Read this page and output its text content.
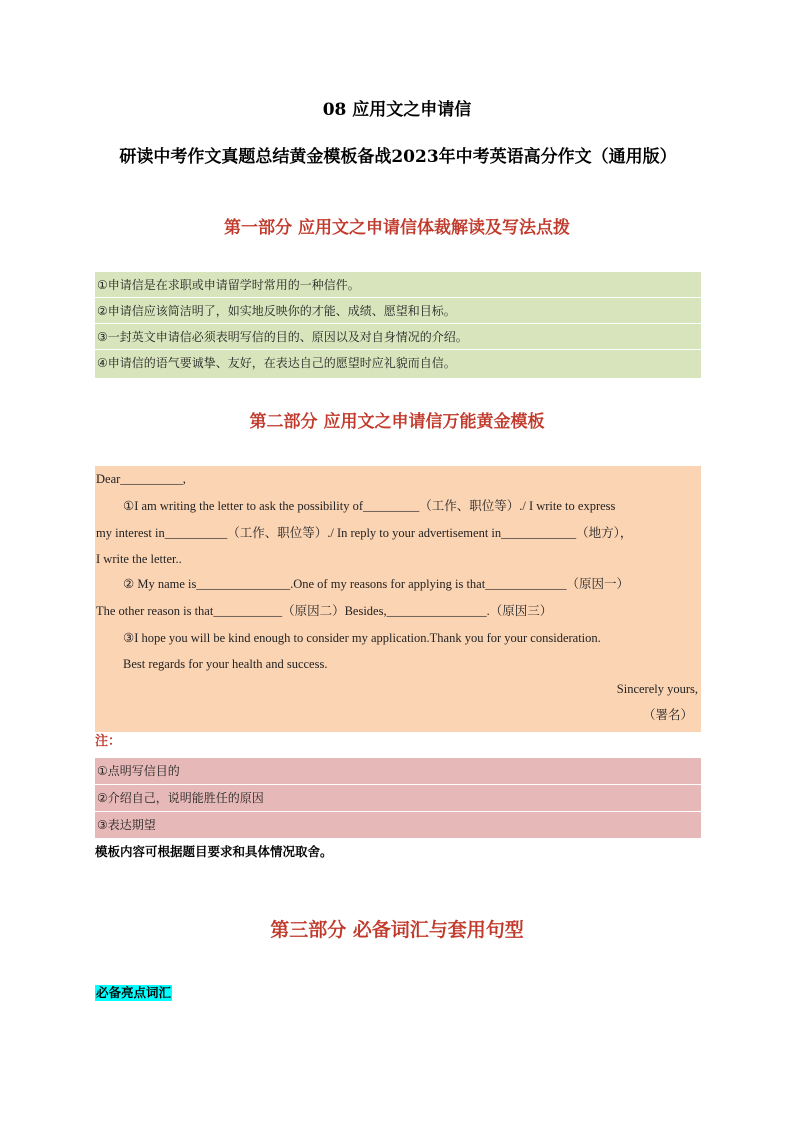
08 应用文之申请信
研读中考作文真题总结黄金模板备战2023年中考英语高分作文（通用版）
第一部分 应用文之申请信体裁解读及写法点拨
①申请信是在求职或申请留学时常用的一种信件。
②申请信应该简洁明了，如实地反映你的才能、成绩、愿望和目标。
③一封英文申请信必须表明写信的目的、原因以及对自身情况的介绍。
④申请信的语气要诚挚、友好，在表达自己的愿望时应礼貌而自信。
第二部分 应用文之申请信万能黄金模板
Dear__________,
①I am writing the letter to ask the possibility of_________（工作、职位等）./ I write to express
my interest in__________（工作、职位等）./ In reply to your advertisement in____________（地方），
I write the letter..
② My name is_______________.One of my reasons for applying is that_____________（原因一）
The other reason is that___________（原因二）Besides,________________.（原因三）
③I hope you will be kind enough to consider my application.Thank you for your consideration.
Best regards for your health and success.
Sincerely yours,
（署名）
注：
①点明写信目的
②介绍自己，说明能胜任的原因
③表达期望
模板内容可根据题目要求和具体情况取舍。
第三部分 必备词汇与套用句型
必备亮点词汇
